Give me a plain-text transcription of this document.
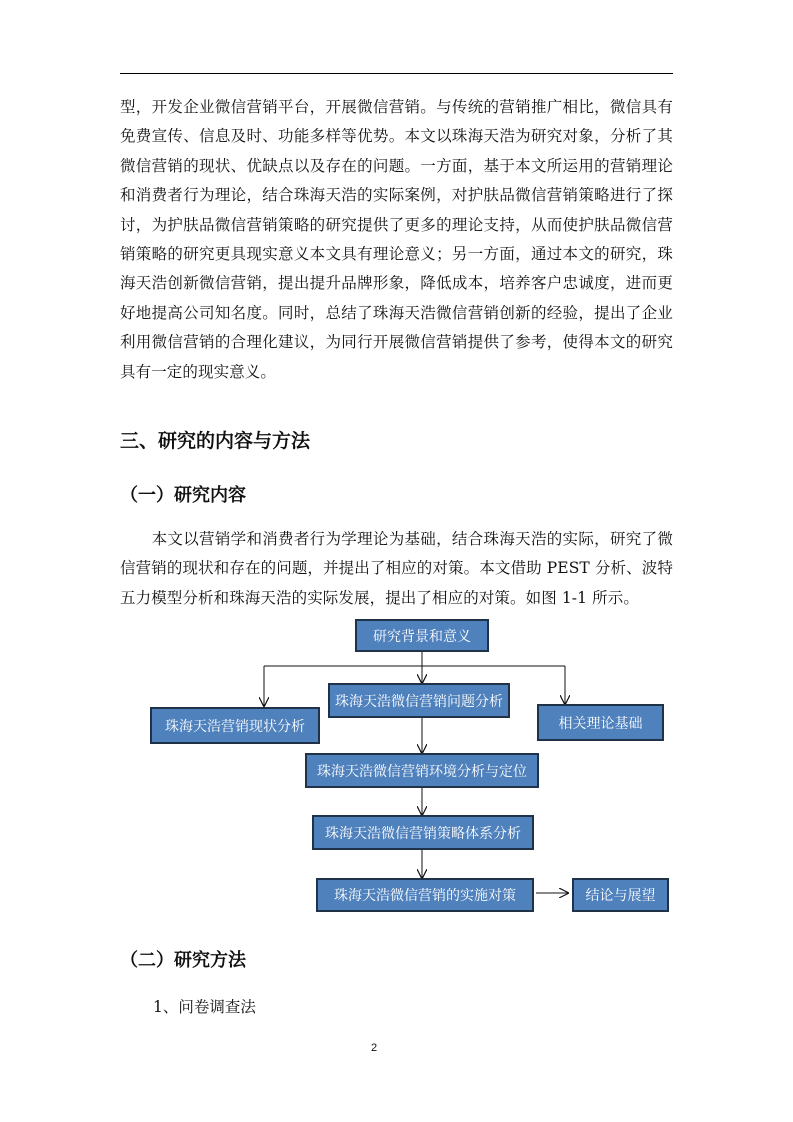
型，开发企业微信营销平台，开展微信营销。与传统的营销推广相比，微信具有
免费宣传、信息及时、功能多样等优势。本文以珠海天浩为研究对象，分析了其
微信营销的现状、优缺点以及存在的问题。一方面，基于本文所运用的营销理论
和消费者行为理论，结合珠海天浩的实际案例，对护肤品微信营销策略进行了探
讨，为护肤品微信营销策略的研究提供了更多的理论支持，从而使护肤品微信营
销策略的研究更具现实意义本文具有理论意义；另一方面，通过本文的研究，珠
海天浩创新微信营销，提出提升品牌形象，降低成本，培养客户忠诚度，进而更
好地提高公司知名度。同时，总结了珠海天浩微信营销创新的经验，提出了企业
利用微信营销的合理化建议，为同行开展微信营销提供了参考，使得本文的研究
具有一定的现实意义。
三、研究的内容与方法
（一）研究内容
　　本文以营销学和消费者行为学理论为基础，结合珠海天浩的实际，研究了微
信营销的现状和存在的问题，并提出了相应的对策。本文借助 PEST 分析、波特
五力模型分析和珠海天浩的实际发展，提出了相应的对策。如图 1-1 所示。
研究背景和意义
珠海天浩营销现状分析
珠海天浩微信营销问题分析
相关理论基础
珠海天浩微信营销环境分析与定位
珠海天浩微信营销策略体系分析
珠海天浩微信营销的实施对策	结论与展望
（二）研究方法

1、问卷调查法

2
